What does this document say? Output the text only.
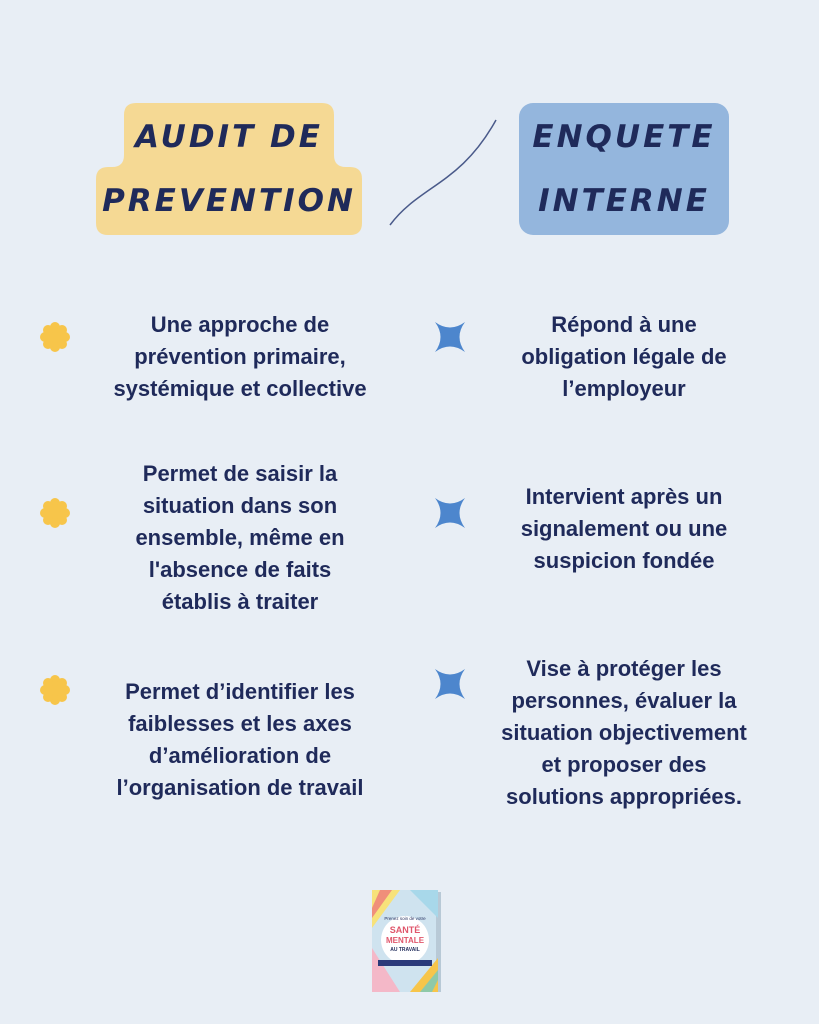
AUDIT DE
PREVENTION
ENQUETE
INTERNE
Une approche de
prévention primaire,
systémique et collective
Permet de saisir la
situation dans son
ensemble, même en
l'absence de faits
établis à traiter
Permet d’identifier les
faiblesses et les axes
d’amélioration de
l’organisation de travail
Répond à une
obligation légale de
l’employeur
Intervient après un
signalement ou une
suspicion fondée
Vise à protéger les
personnes, évaluer la
situation objectivement
et proposer des
solutions appropriées.
Prenez soin de votre
SANTÉ
MENTALE
AU TRAVAIL
